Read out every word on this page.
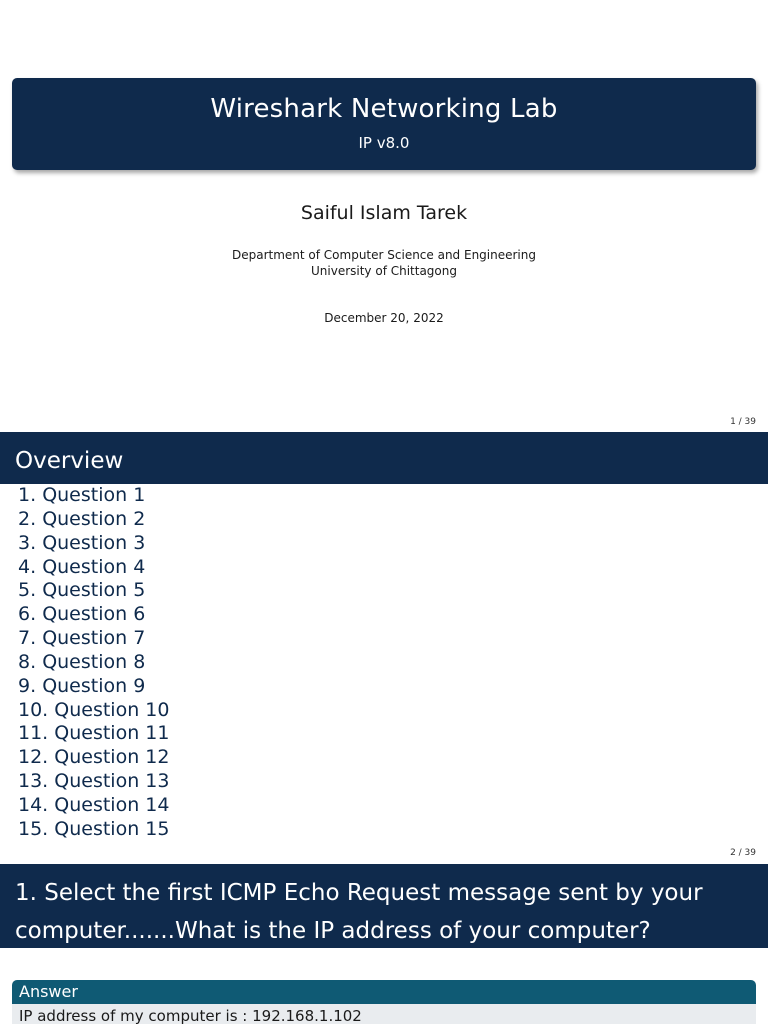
Wireshark Networking Lab
IP v8.0
Saiful Islam Tarek
Department of Computer Science and Engineering
University of Chittagong
December 20, 2022
1 / 39
Overview
1. Question 1
2. Question 2
3. Question 3
4. Question 4
5. Question 5
6. Question 6
7. Question 7
8. Question 8
9. Question 9
10. Question 10
11. Question 11
12. Question 12
13. Question 13
14. Question 14
15. Question 15
2 / 39
1. Select the first ICMP Echo Request message sent by your
computer.......What is the IP address of your computer?
Answer
IP address of my computer is : 192.168.1.102
